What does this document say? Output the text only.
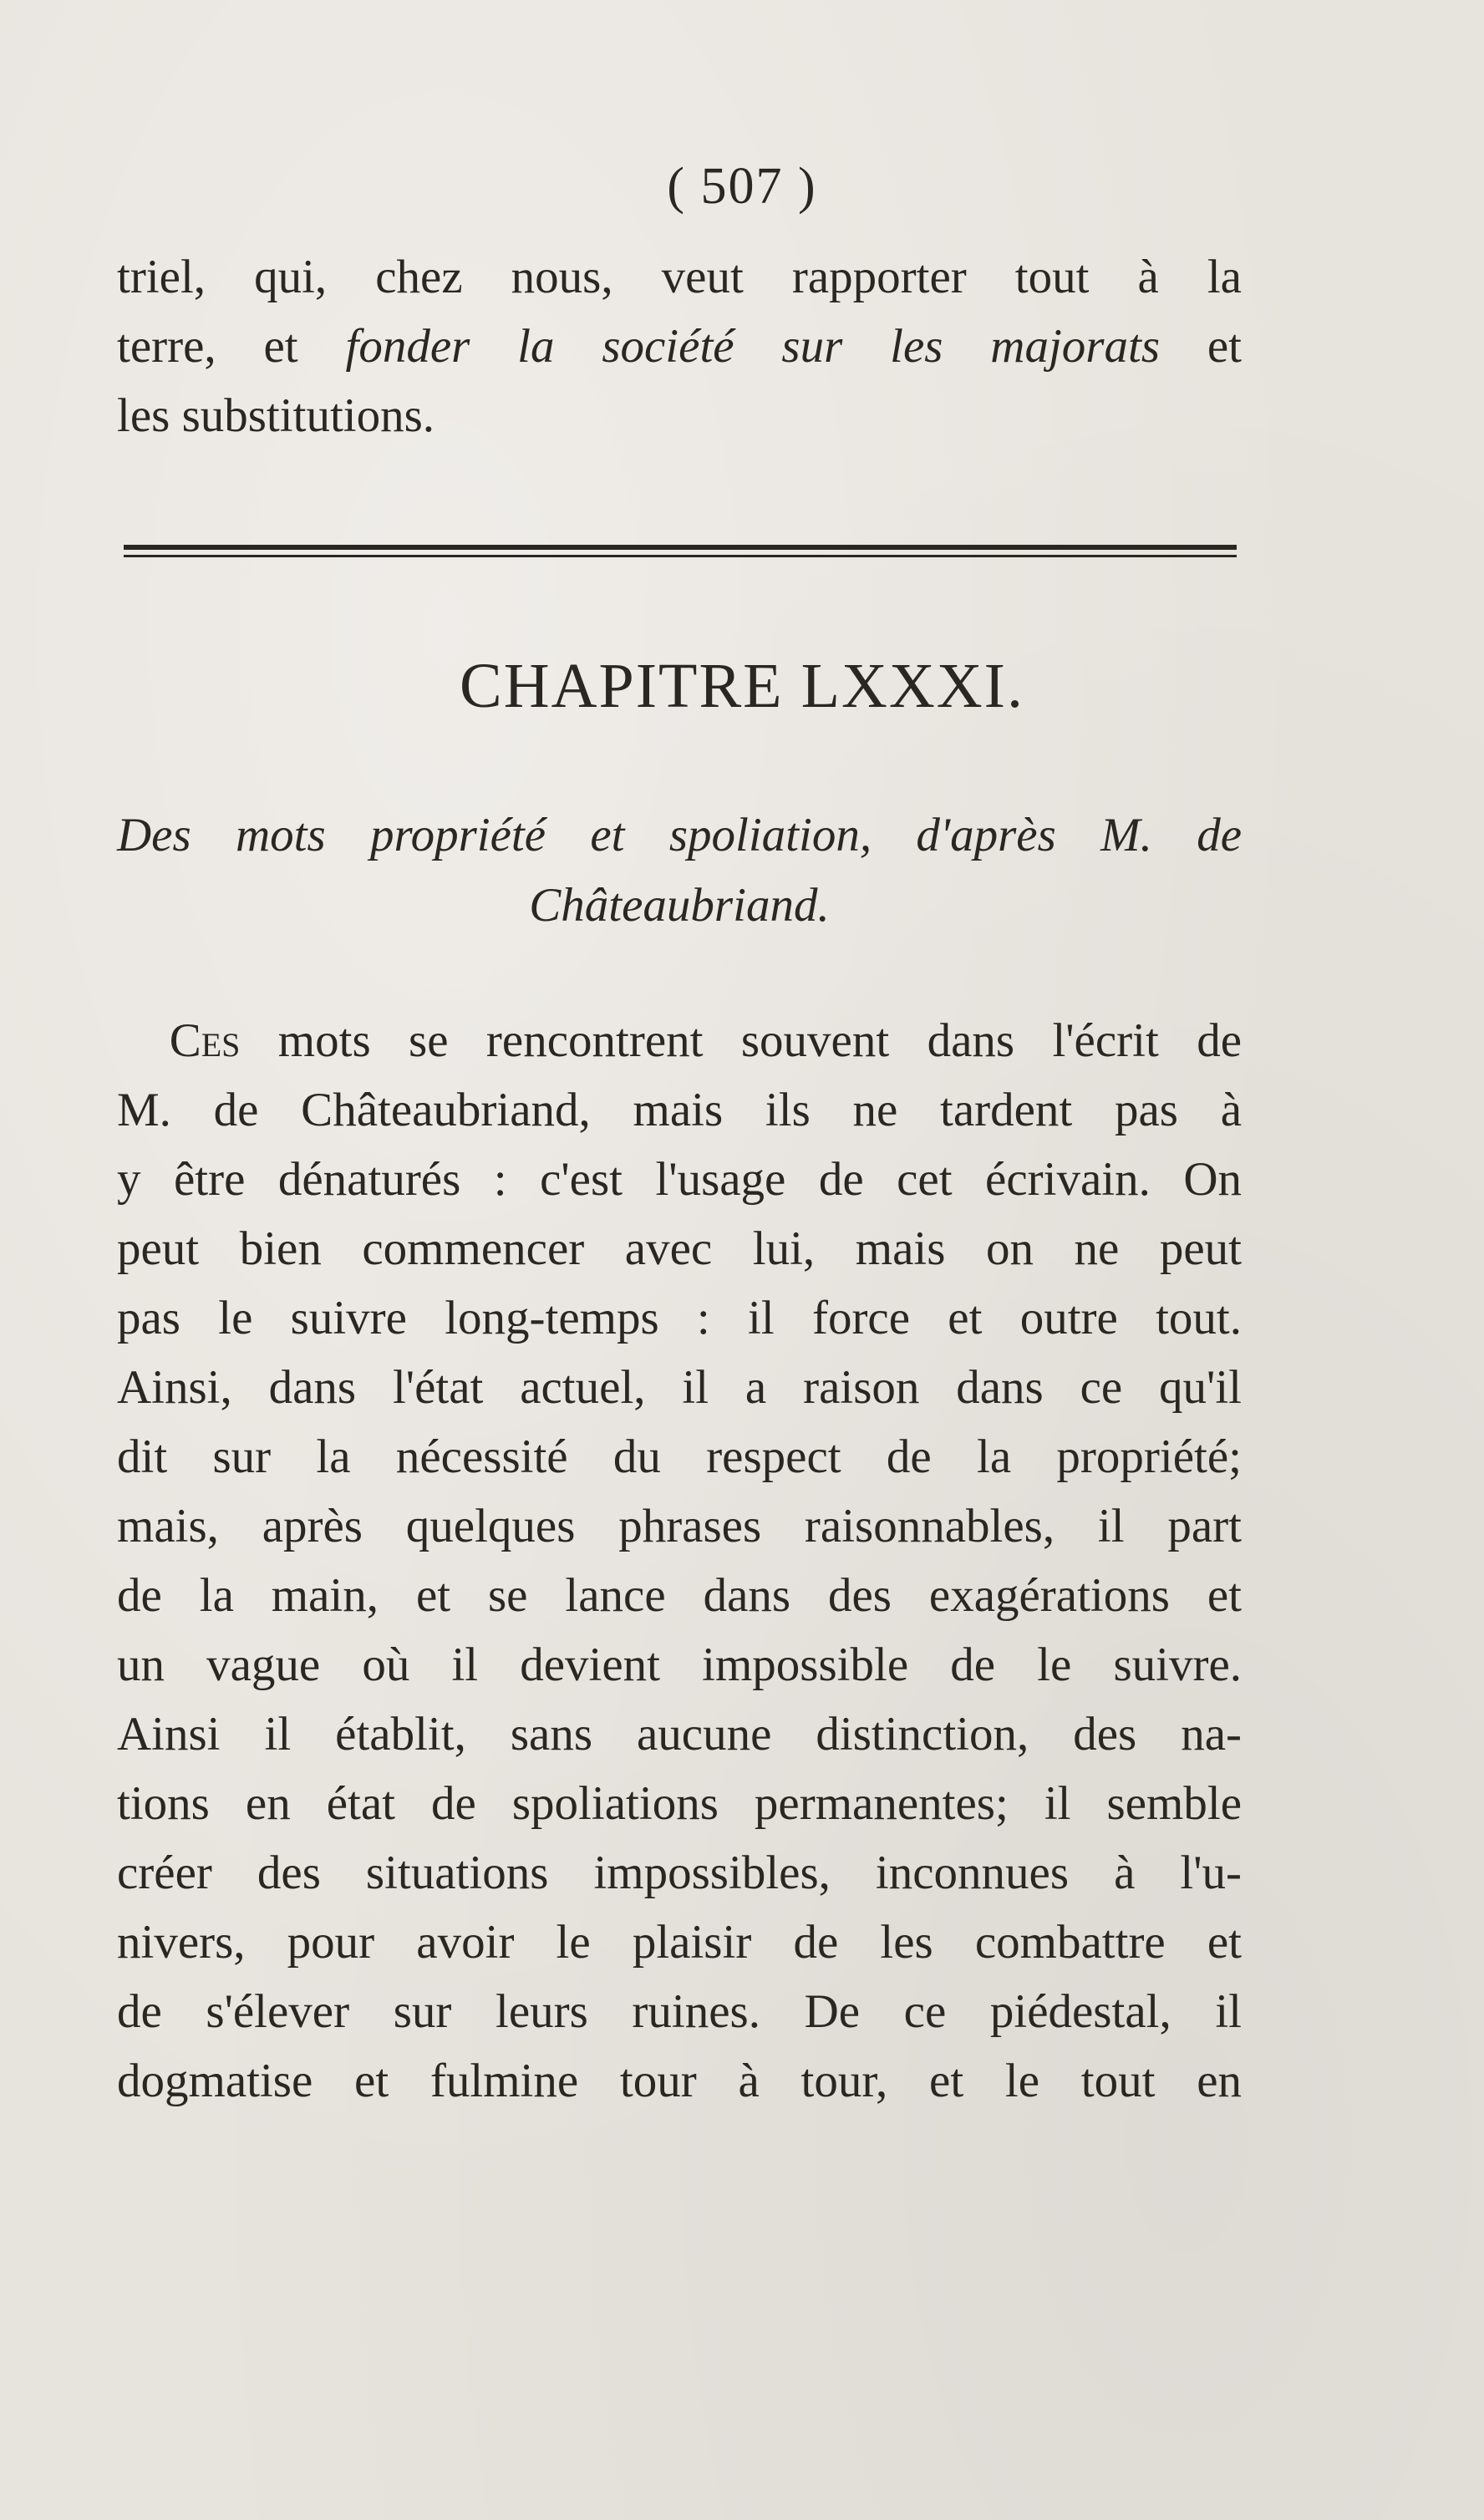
( 507 )
triel, qui, chez nous, veut rapporter tout à la
terre, et fonder la société sur les majorats et
les substitutions.
CHAPITRE LXXXI.
Des mots propriété et spoliation, d'après M. de
Châteaubriand.
Ces mots se rencontrent souvent dans l'écrit de
M. de Châteaubriand, mais ils ne tardent pas à
y être dénaturés : c'est l'usage de cet écrivain. On
peut bien commencer avec lui, mais on ne peut
pas le suivre long-temps : il force et outre tout.
Ainsi, dans l'état actuel, il a raison dans ce qu'il
dit sur la nécessité du respect de la propriété;
mais, après quelques phrases raisonnables, il part
de la main, et se lance dans des exagérations et
un vague où il devient impossible de le suivre.
Ainsi il établit, sans aucune distinction, des na-
tions en état de spoliations permanentes; il semble
créer des situations impossibles, inconnues à l'u-
nivers, pour avoir le plaisir de les combattre et
de s'élever sur leurs ruines. De ce piédestal, il
dogmatise et fulmine tour à tour, et le tout en
